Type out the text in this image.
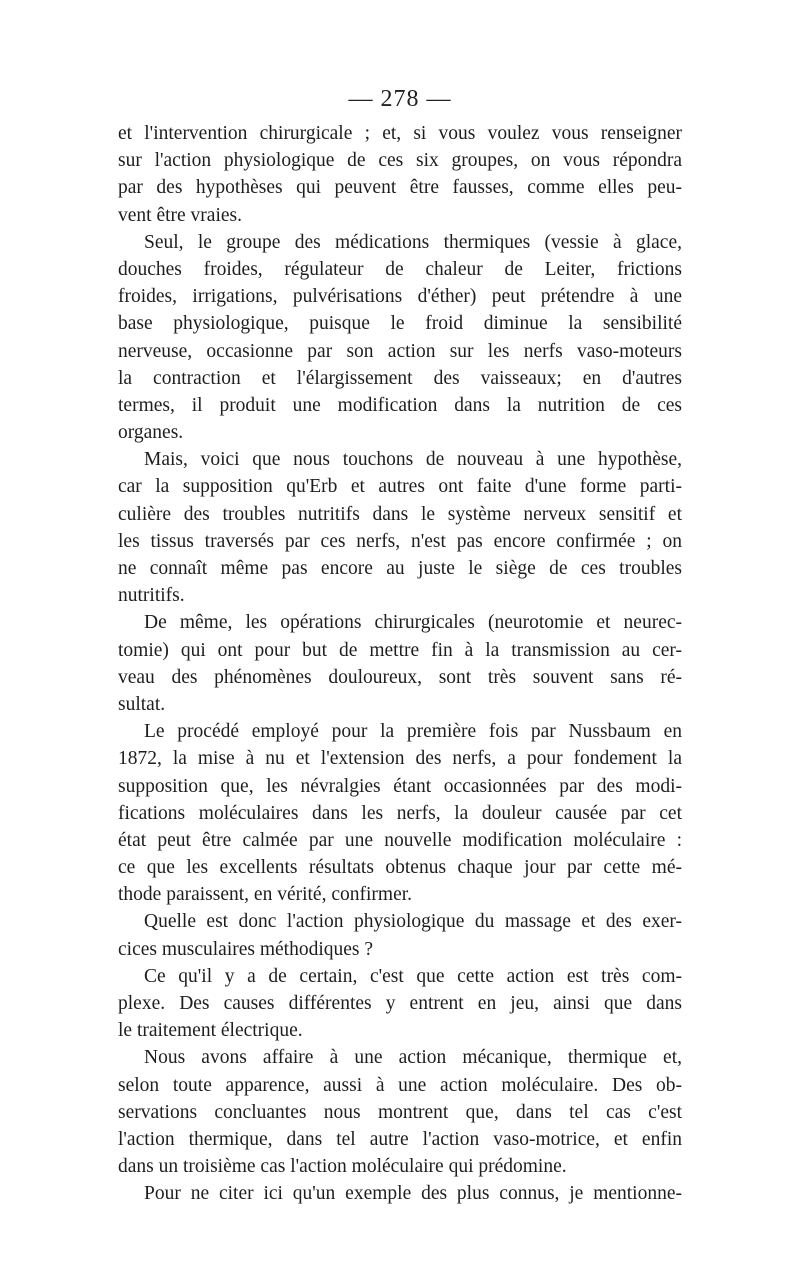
— 278 —
et l'intervention chirurgicale ; et, si vous voulez vous renseigner
sur l'action physiologique de ces six groupes, on vous répondra
par des hypothèses qui peuvent être fausses, comme elles peu-
vent être vraies.
Seul, le groupe des médications thermiques (vessie à glace,
douches froides, régulateur de chaleur de Leiter, frictions
froides, irrigations, pulvérisations d'éther) peut prétendre à une
base physiologique, puisque le froid diminue la sensibilité
nerveuse, occasionne par son action sur les nerfs vaso-moteurs
la contraction et l'élargissement des vaisseaux; en d'autres
termes, il produit une modification dans la nutrition de ces
organes.
Mais, voici que nous touchons de nouveau à une hypothèse,
car la supposition qu'Erb et autres ont faite d'une forme parti-
culière des troubles nutritifs dans le système nerveux sensitif et
les tissus traversés par ces nerfs, n'est pas encore confirmée ; on
ne connaît même pas encore au juste le siège de ces troubles
nutritifs.
De même, les opérations chirurgicales (neurotomie et neurec-
tomie) qui ont pour but de mettre fin à la transmission au cer-
veau des phénomènes douloureux, sont très souvent sans ré-
sultat.
Le procédé employé pour la première fois par Nussbaum en
1872, la mise à nu et l'extension des nerfs, a pour fondement la
supposition que, les névralgies étant occasionnées par des modi-
fications moléculaires dans les nerfs, la douleur causée par cet
état peut être calmée par une nouvelle modification moléculaire :
ce que les excellents résultats obtenus chaque jour par cette mé-
thode paraissent, en vérité, confirmer.
Quelle est donc l'action physiologique du massage et des exer-
cices musculaires méthodiques ?
Ce qu'il y a de certain, c'est que cette action est très com-
plexe. Des causes différentes y entrent en jeu, ainsi que dans
le traitement électrique.
Nous avons affaire à une action mécanique, thermique et,
selon toute apparence, aussi à une action moléculaire. Des ob-
servations concluantes nous montrent que, dans tel cas c'est
l'action thermique, dans tel autre l'action vaso-motrice, et enfin
dans un troisième cas l'action moléculaire qui prédomine.
Pour ne citer ici qu'un exemple des plus connus, je mentionne-
